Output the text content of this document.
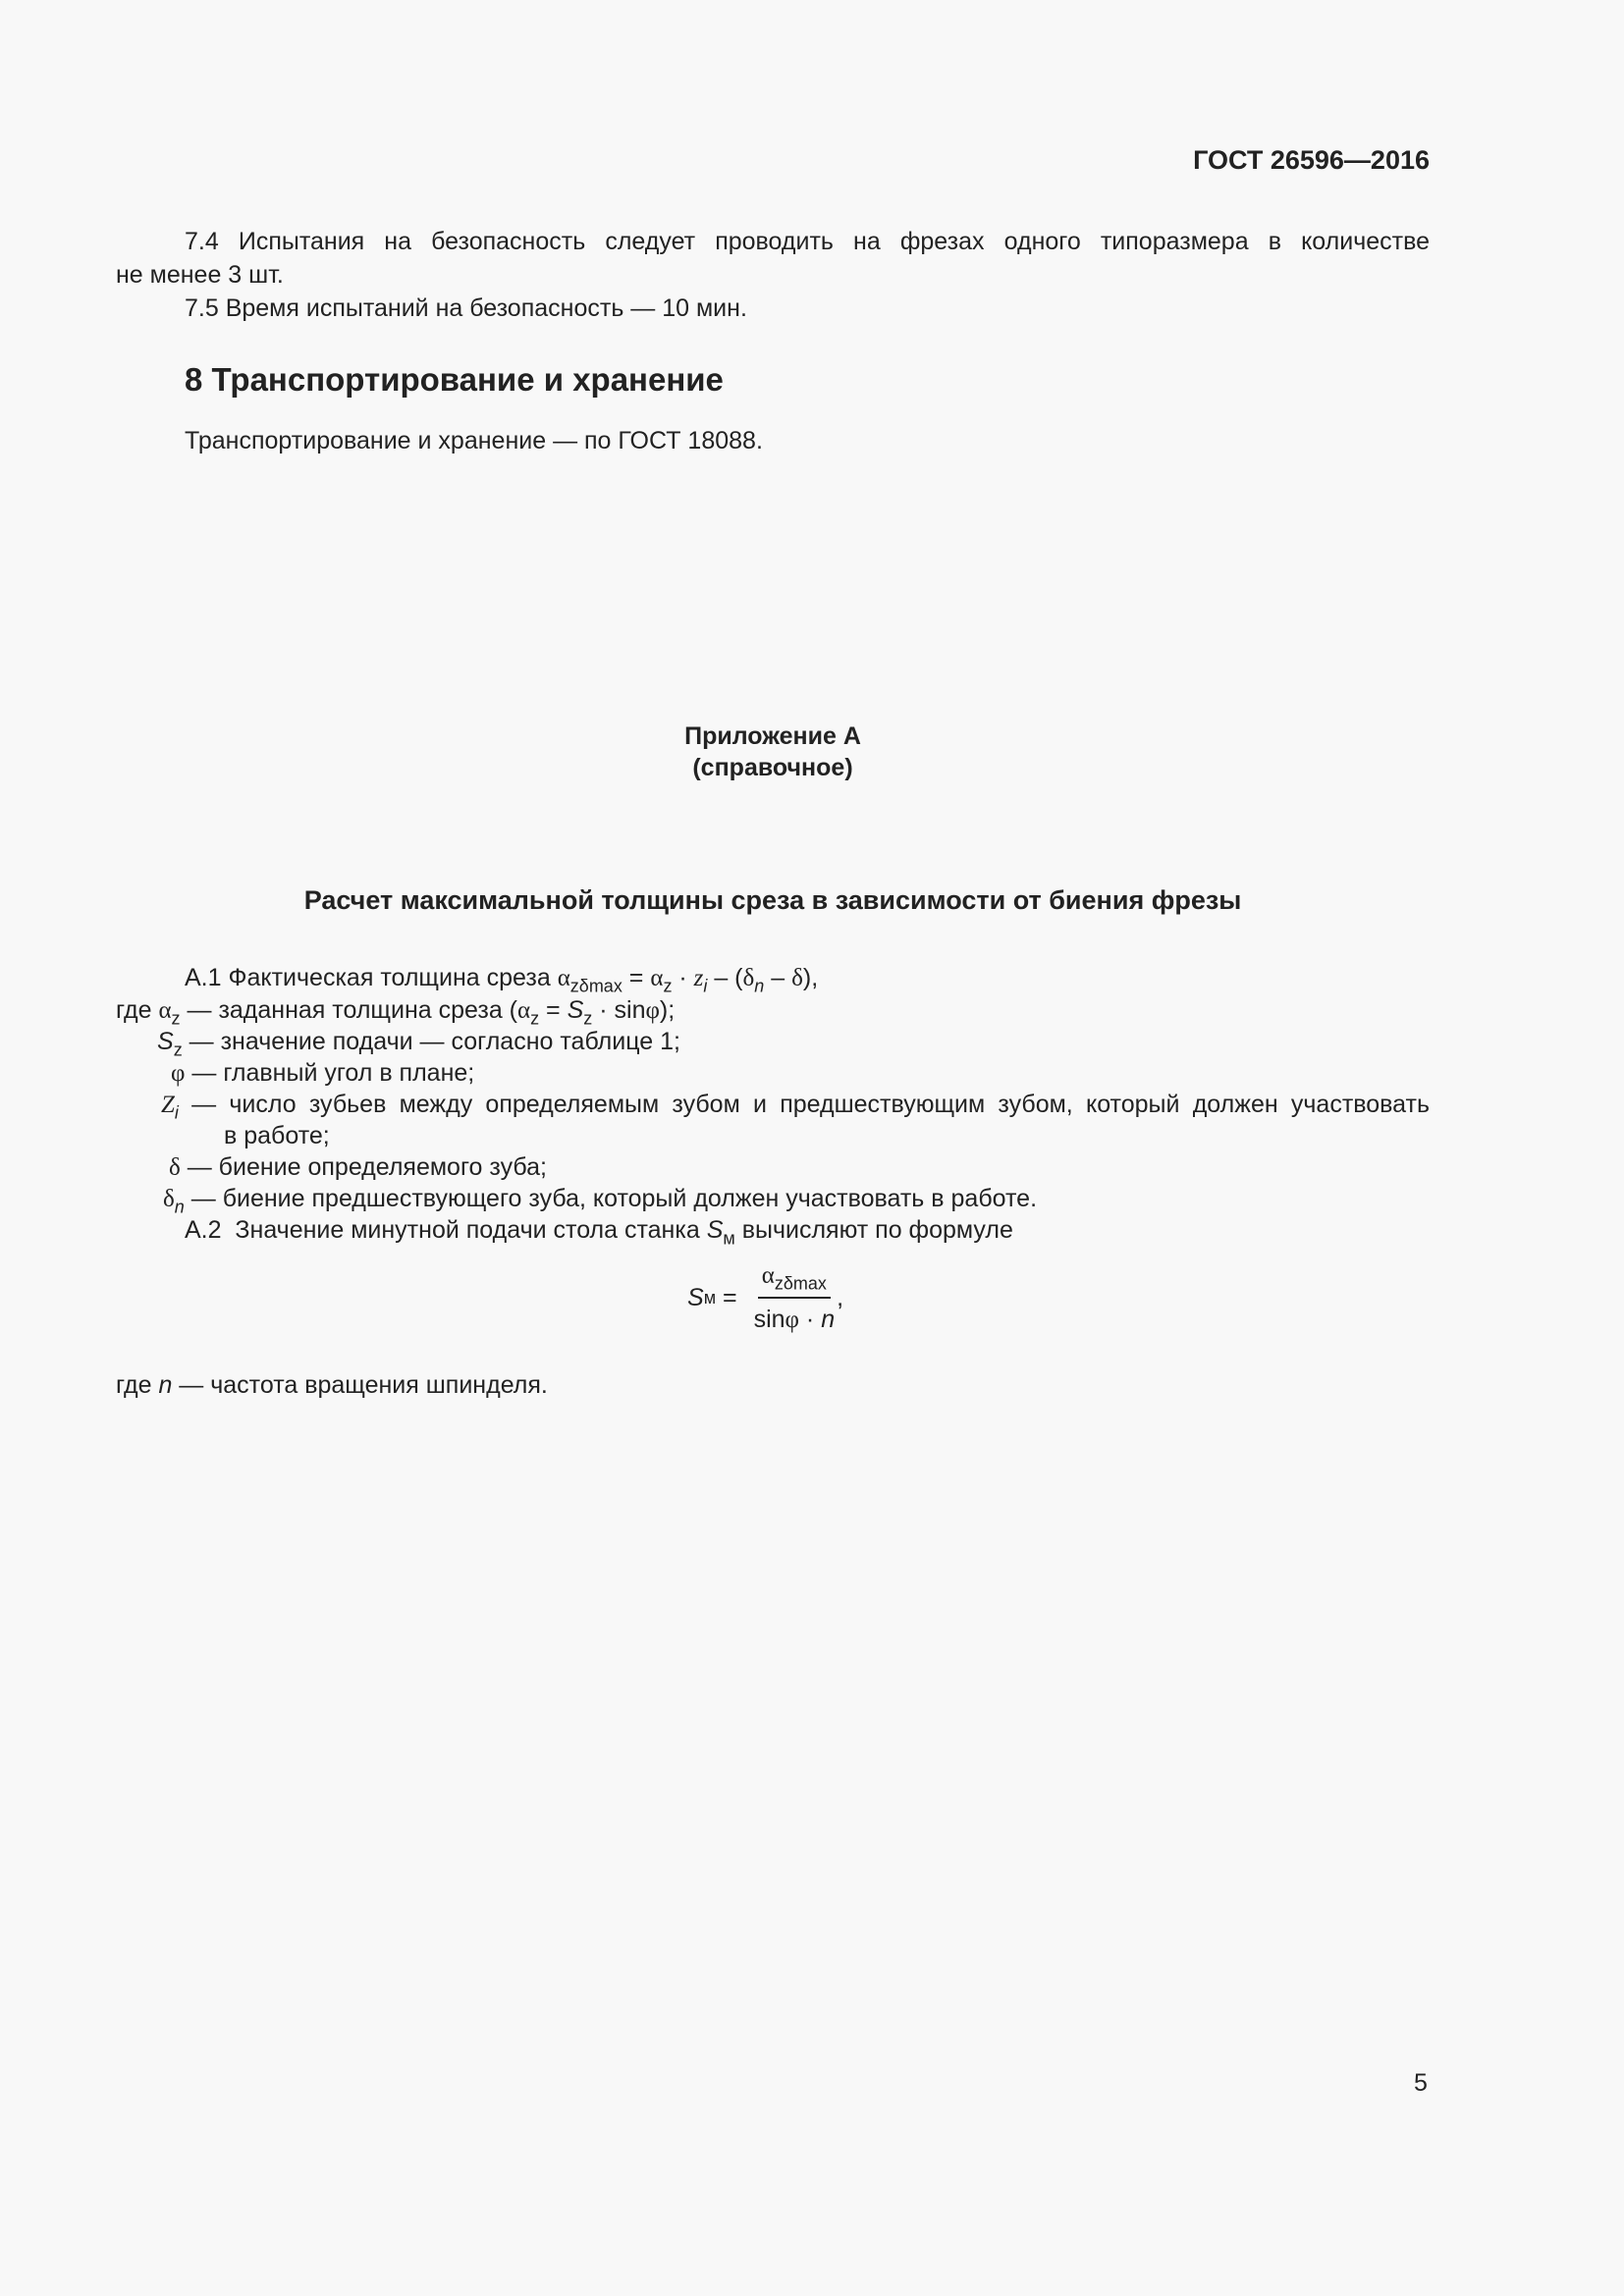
ГОСТ 26596—2016
7.4 Испытания на безопасность следует проводить на фрезах одного типоразмера в количестве
не менее 3 шт.
7.5 Время испытаний на безопасность — 10 мин.
8 Транспортирование и хранение
Транспортирование и хранение — по ГОСТ 18088.
Приложение А
(справочное)
Расчет максимальной толщины среза в зависимости от биения фрезы
А.1 Фактическая толщина среза $\alpha_{z\delta max} = \alpha_z \cdot z_i - (\delta_n - \delta)$,
где $\alpha_z$ — заданная толщина среза $(\alpha_z = S_z \cdot \sin\varphi)$;
$S_z$ — значение подачи — согласно таблице 1;
φ — главный угол в плане;
$Z_i$ — число зубьев между определяемым зубом и предшествующим зубом, который должен участвовать
в работе;
δ — биение определяемого зуба;
$\delta_n$ — биение предшествующего зуба, который должен участвовать в работе.
А.2  Значение минутной подачи стола станка $S_м$ вычисляют по формуле
S $м = \frac{\alpha_{z\delta max}}{\sin\varphi \cdot n}$ ,
где n — частота вращения шпинделя.
5
